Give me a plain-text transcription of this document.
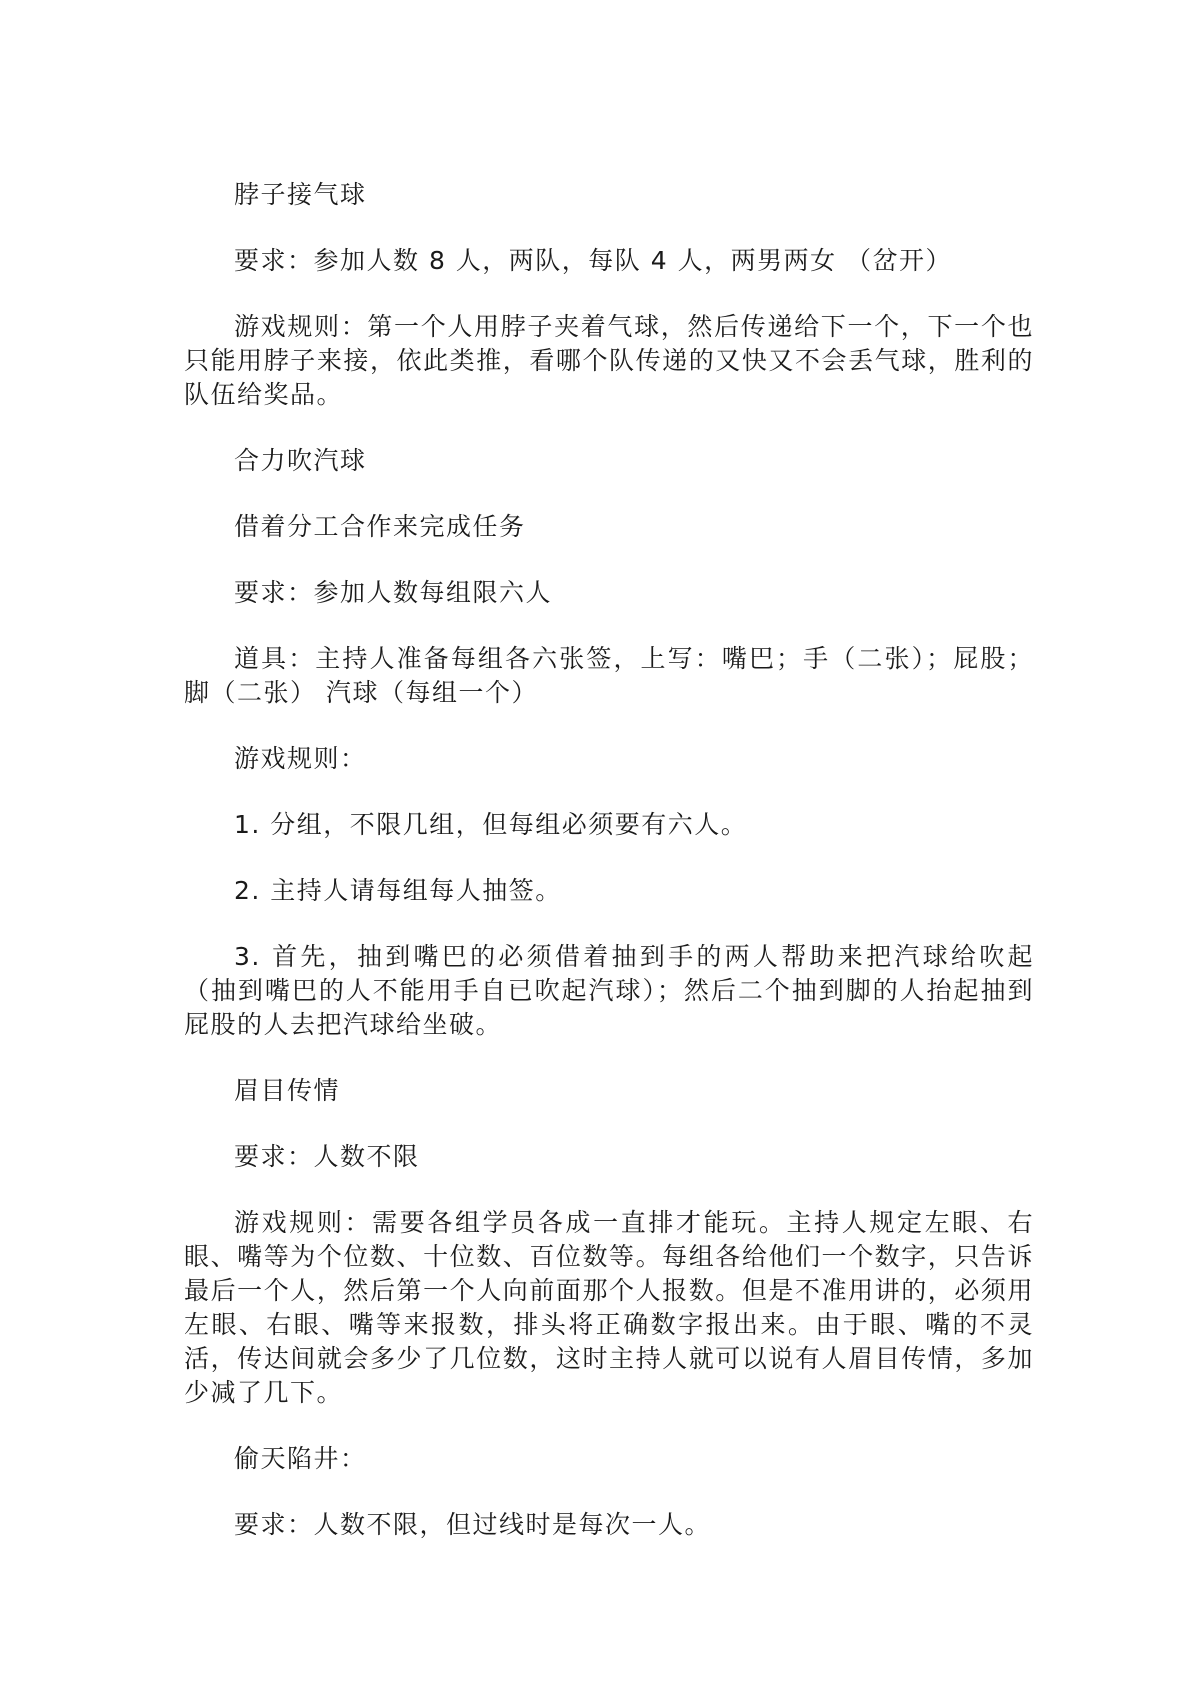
脖子接气球

要求：参加人数 8 人，两队，每队 4 人，两男两女 （岔开）

游戏规则：第一个人用脖子夹着气球，然后传递给下一个，下一个也只能用脖子来接，依此类推，看哪个队传递的又快又不会丢气球，胜利的队伍给奖品。

合力吹汽球

借着分工合作来完成任务

要求：参加人数每组限六人

道具：主持人准备每组各六张签，上写：嘴巴；手（二张）；屁股；脚（二张） 汽球（每组一个）

游戏规则：

1. 分组，不限几组，但每组必须要有六人。

2. 主持人请每组每人抽签。

3. 首先，抽到嘴巴的必须借着抽到手的两人帮助来把汽球给吹起（抽到嘴巴的人不能用手自已吹起汽球）；然后二个抽到脚的人抬起抽到屁股的人去把汽球给坐破。

眉目传情

要求：人数不限

游戏规则：需要各组学员各成一直排才能玩。主持人规定左眼、右眼、嘴等为个位数、十位数、百位数等。每组各给他们一个数字，只告诉最后一个人，然后第一个人向前面那个人报数。但是不准用讲的，必须用左眼、右眼、嘴等来报数，排头将正确数字报出来。由于眼、嘴的不灵活，传达间就会多少了几位数，这时主持人就可以说有人眉目传情，多加少减了几下。

偷天陷井：

要求：人数不限，但过线时是每次一人。
